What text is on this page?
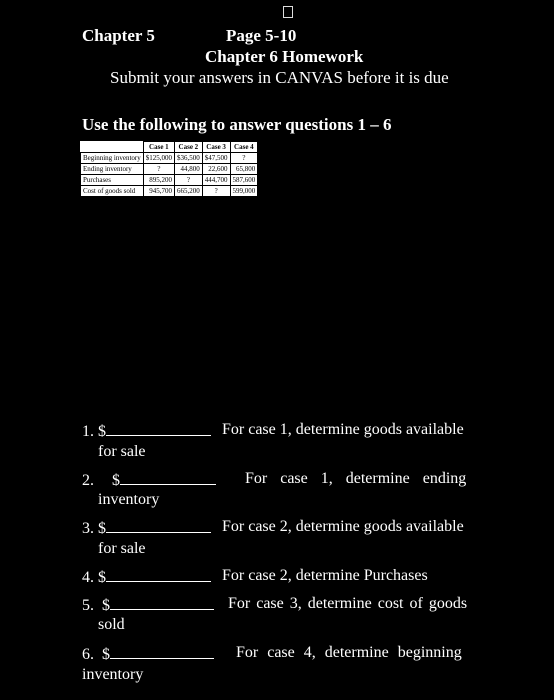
Chapter 5	Page 5-10
Chapter 6 Homework
Submit your answers in CANVAS before it is due
Use the following to answer questions 1 – 6
	Case 1	Case 2	Case 3	Case 4
Beginning inventory	$125,000	$36,500	$47,500	?
Ending inventory	?	44,800	22,600	65,800
Purchases	895,200	?	444,700	587,600
Cost of goods sold	945,700	665,200	?	599,000
1. $	For case 1, determine goods available
for sale
2. $	For case 1, determine ending
inventory
3. $	For case 2, determine goods available
for sale
4. $	For case 2, determine Purchases
5. $	For case 3, determine cost of goods
sold
6. $	For case 4, determine beginning
inventory
